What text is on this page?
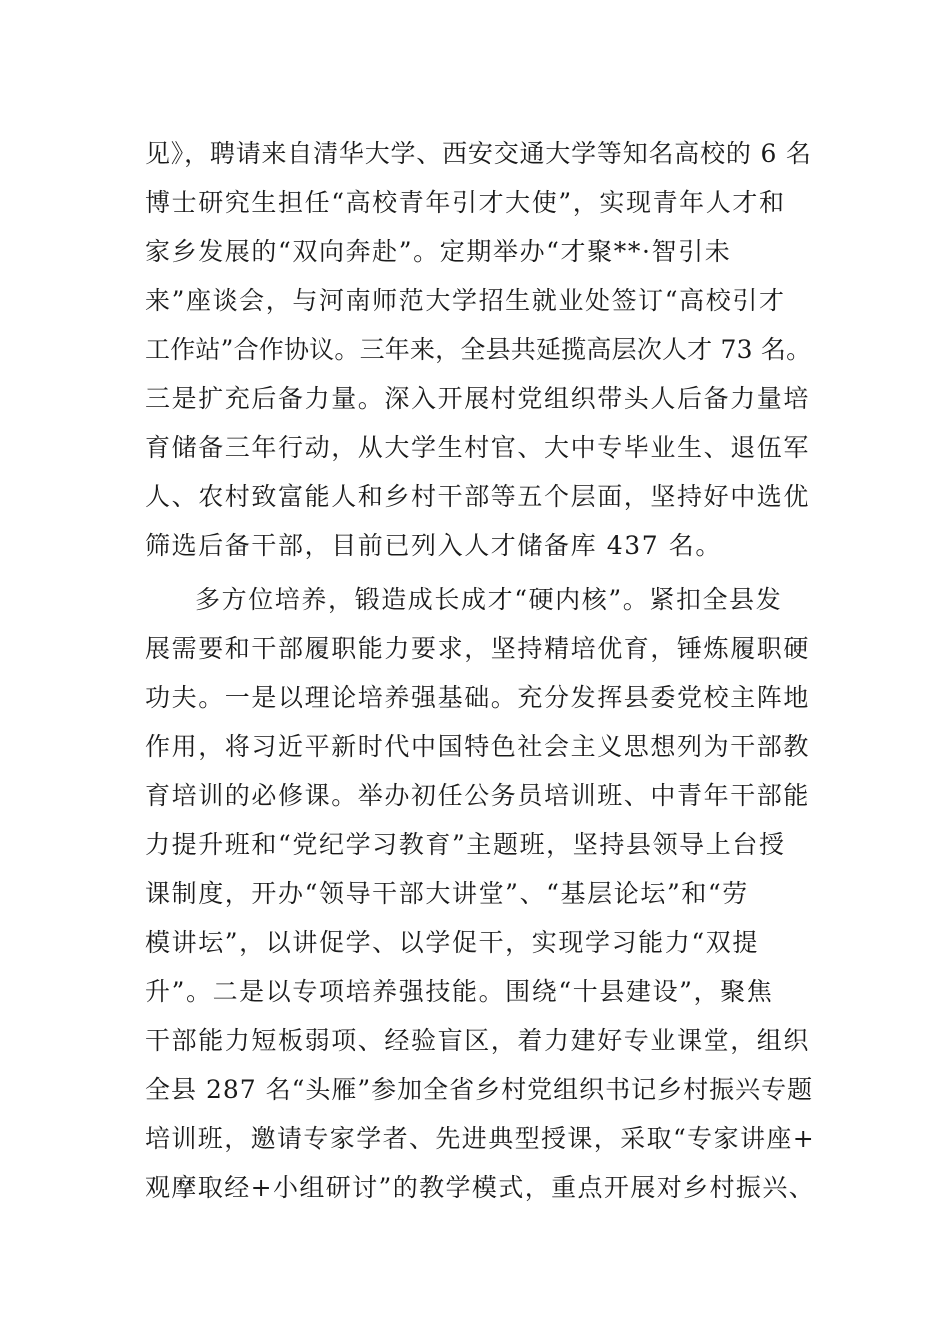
见》，聘请来自清华大学、西安交通大学等知名高校的 6 名
博士研究生担任“高校青年引才大使”，实现青年人才和
家乡发展的“双向奔赴”。定期举办“才聚**·智引未
来”座谈会，与河南师范大学招生就业处签订“高校引才
工作站”合作协议。三年来，全县共延揽高层次人才 73 名。
三是扩充后备力量。深入开展村党组织带头人后备力量培
育储备三年行动，从大学生村官、大中专毕业生、退伍军
人、农村致富能人和乡村干部等五个层面，坚持好中选优
筛选后备干部，目前已列入人才储备库 437 名。
多方位培养，锻造成长成才“硬内核”。紧扣全县发
展需要和干部履职能力要求，坚持精培优育，锤炼履职硬
功夫。一是以理论培养强基础。充分发挥县委党校主阵地
作用，将习近平新时代中国特色社会主义思想列为干部教
育培训的必修课。举办初任公务员培训班、中青年干部能
力提升班和“党纪学习教育”主题班，坚持县领导上台授
课制度，开办“领导干部大讲堂”、“基层论坛”和“劳
模讲坛”，以讲促学、以学促干，实现学习能力“双提
升”。二是以专项培养强技能。围绕“十县建设”，聚焦
干部能力短板弱项、经验盲区，着力建好专业课堂，组织
全县 287 名“头雁”参加全省乡村党组织书记乡村振兴专题
培训班，邀请专家学者、先进典型授课，采取“专家讲座+
观摩取经+小组研讨”的教学模式，重点开展对乡村振兴、
